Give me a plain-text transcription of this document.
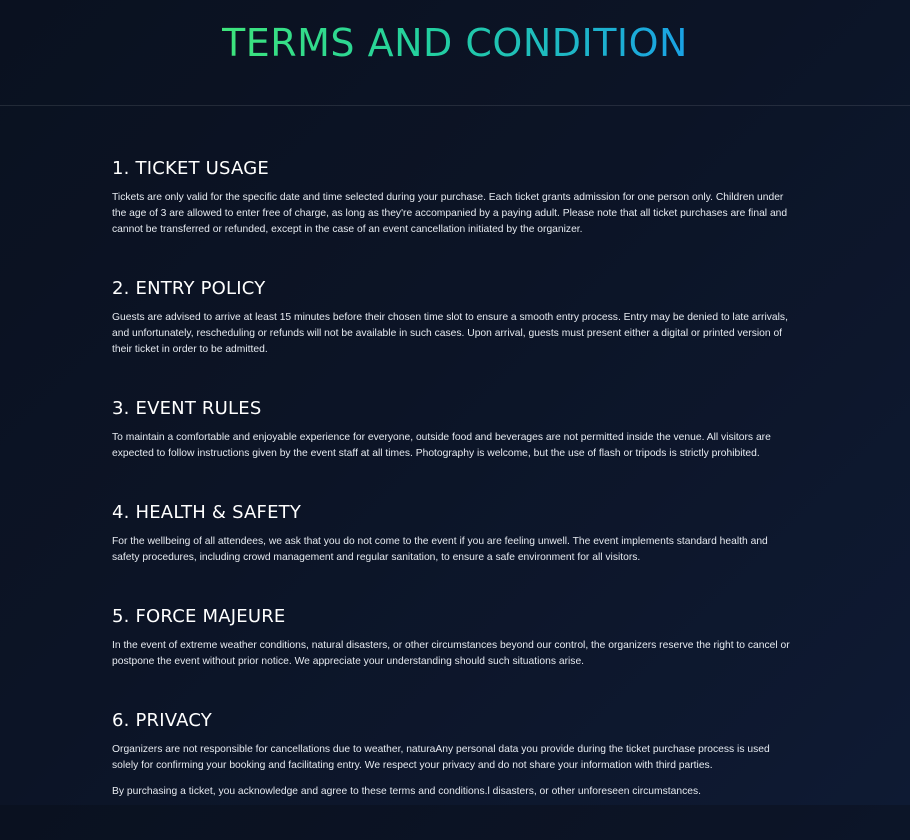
TERMS AND CONDITION
1. TICKET USAGE

Tickets are only valid for the specific date and time selected during your purchase. Each ticket grants admission for one person only. Children under the age of 3 are allowed to enter free of charge, as long as they're accompanied by a paying adult. Please note that all ticket purchases are final and cannot be transferred or refunded, except in the case of an event cancellation initiated by the organizer.

2. ENTRY POLICY

Guests are advised to arrive at least 15 minutes before their chosen time slot to ensure a smooth entry process. Entry may be denied to late arrivals, and unfortunately, rescheduling or refunds will not be available in such cases. Upon arrival, guests must present either a digital or printed version of their ticket in order to be admitted.

3. EVENT RULES

To maintain a comfortable and enjoyable experience for everyone, outside food and beverages are not permitted inside the venue. All visitors are expected to follow instructions given by the event staff at all times. Photography is welcome, but the use of flash or tripods is strictly prohibited.

4. HEALTH & SAFETY

For the wellbeing of all attendees, we ask that you do not come to the event if you are feeling unwell. The event implements standard health and safety procedures, including crowd management and regular sanitation, to ensure a safe environment for all visitors.

5. FORCE MAJEURE

In the event of extreme weather conditions, natural disasters, or other circumstances beyond our control, the organizers reserve the right to cancel or postpone the event without prior notice. We appreciate your understanding should such situations arise.

6. PRIVACY

Organizers are not responsible for cancellations due to weather, naturaAny personal data you provide during the ticket purchase process is used solely for confirming your booking and facilitating entry. We respect your privacy and do not share your information with third parties.

By purchasing a ticket, you acknowledge and agree to these terms and conditions.l disasters, or other unforeseen circumstances.
